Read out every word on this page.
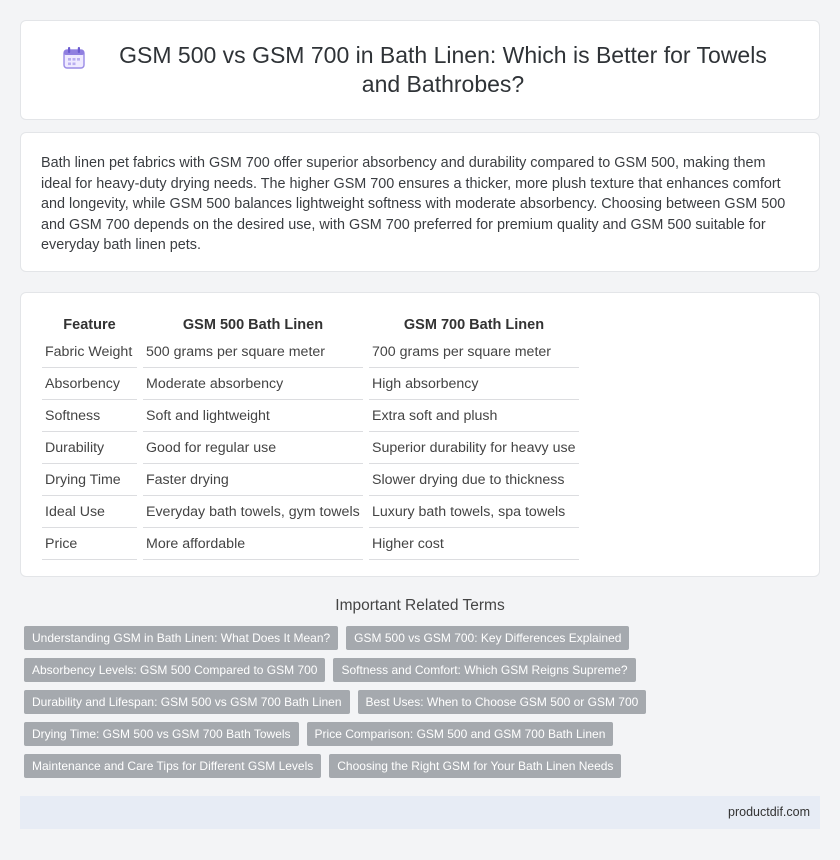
GSM 500 vs GSM 700 in Bath Linen: Which is Better for Towels and Bathrobes?

Bath linen pet fabrics with GSM 700 offer superior absorbency and durability compared to GSM 500, making them ideal for heavy-duty drying needs. The higher GSM 700 ensures a thicker, more plush texture that enhances comfort and longevity, while GSM 500 balances lightweight softness with moderate absorbency. Choosing between GSM 500 and GSM 700 depends on the desired use, with GSM 700 preferred for premium quality and GSM 500 suitable for everyday bath linen pets.

Feature	GSM 500 Bath Linen	GSM 700 Bath Linen
Fabric Weight	500 grams per square meter	700 grams per square meter
Absorbency	Moderate absorbency	High absorbency
Softness	Soft and lightweight	Extra soft and plush
Durability	Good for regular use	Superior durability for heavy use
Drying Time	Faster drying	Slower drying due to thickness
Ideal Use	Everyday bath towels, gym towels	Luxury bath towels, spa towels
Price	More affordable	Higher cost
Important Related Terms
Understanding GSM in Bath Linen: What Does It Mean?	GSM 500 vs GSM 700: Key Differences Explained
Absorbency Levels: GSM 500 Compared to GSM 700	Softness and Comfort: Which GSM Reigns Supreme?
Durability and Lifespan: GSM 500 vs GSM 700 Bath Linen	Best Uses: When to Choose GSM 500 or GSM 700
Drying Time: GSM 500 vs GSM 700 Bath Towels	Price Comparison: GSM 500 and GSM 700 Bath Linen
Maintenance and Care Tips for Different GSM Levels	Choosing the Right GSM for Your Bath Linen Needs
productdif.com
